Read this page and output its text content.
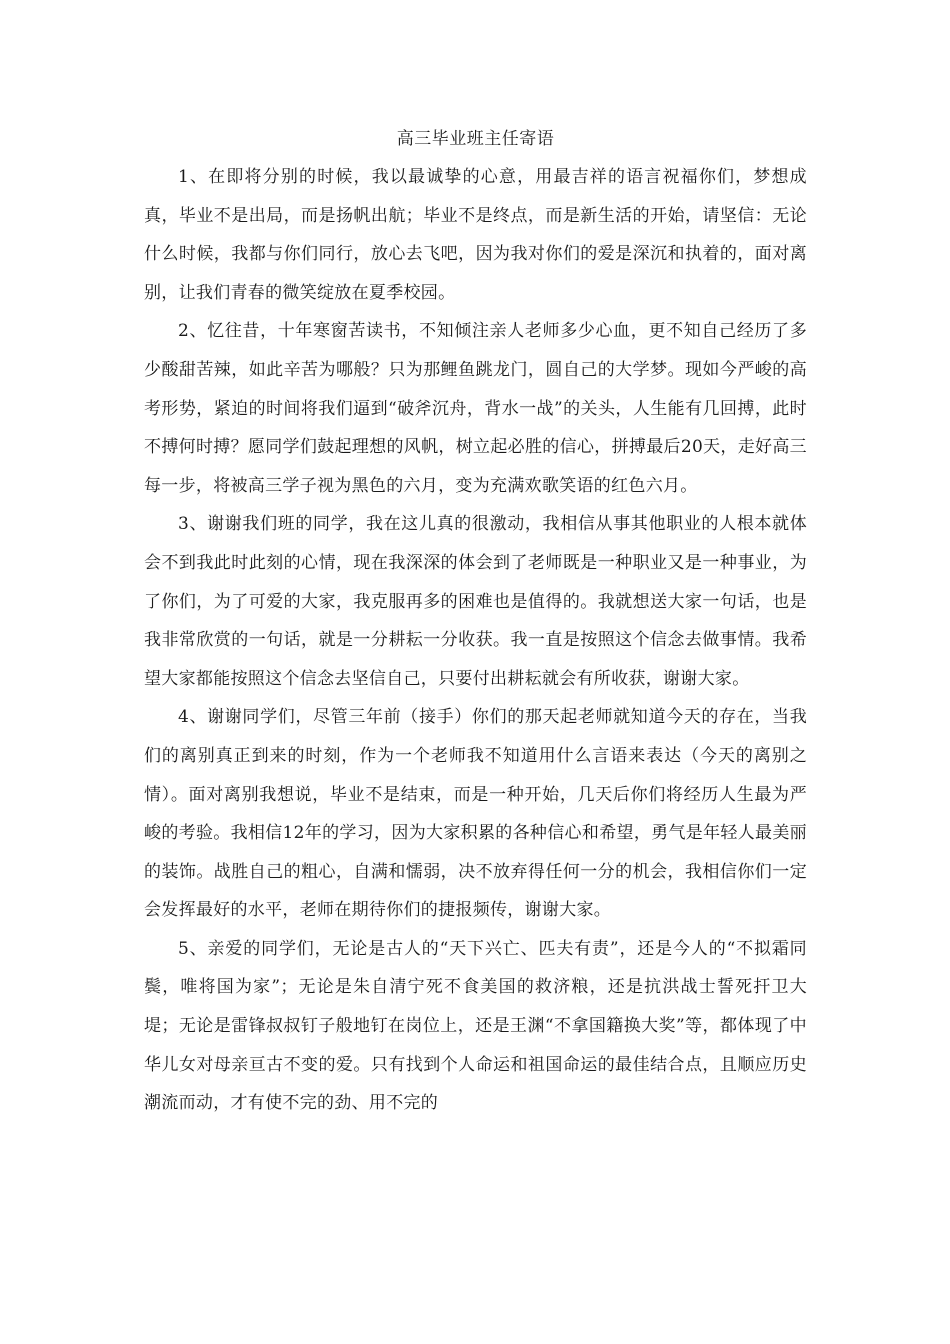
高三毕业班主任寄语

1、在即将分别的时候，我以最诚挚的心意，用最吉祥的语言祝福你们，梦想成真，毕业不是出局，而是扬帆出航；毕业不是终点，而是新生活的开始，请坚信：无论什么时候，我都与你们同行，放心去飞吧，因为我对你们的爱是深沉和执着的，面对离别，让我们青春的微笑绽放在夏季校园。

2、忆往昔，十年寒窗苦读书，不知倾注亲人老师多少心血，更不知自己经历了多少酸甜苦辣，如此辛苦为哪般？只为那鲤鱼跳龙门，圆自己的大学梦。现如今严峻的高考形势，紧迫的时间将我们逼到“破斧沉舟，背水一战”的关头，人生能有几回搏，此时不搏何时搏？愿同学们鼓起理想的风帆，树立起必胜的信心，拼搏最后20天，走好高三每一步，将被高三学子视为黑色的六月，变为充满欢歌笑语的红色六月。

3、谢谢我们班的同学，我在这儿真的很激动，我相信从事其他职业的人根本就体会不到我此时此刻的心情，现在我深深的体会到了老师既是一种职业又是一种事业，为了你们，为了可爱的大家，我克服再多的困难也是值得的。我就想送大家一句话，也是我非常欣赏的一句话，就是一分耕耘一分收获。我一直是按照这个信念去做事情。我希望大家都能按照这个信念去坚信自己，只要付出耕耘就会有所收获，谢谢大家。

4、谢谢同学们，尽管三年前（接手）你们的那天起老师就知道今天的存在，当我们的离别真正到来的时刻，作为一个老师我不知道用什么言语来表达（今天的离别之情）。面对离别我想说，毕业不是结束，而是一种开始，几天后你们将经历人生最为严峻的考验。我相信12年的学习，因为大家积累的各种信心和希望，勇气是年轻人最美丽的装饰。战胜自己的粗心，自满和懦弱，决不放弃得任何一分的机会，我相信你们一定会发挥最好的水平，老师在期待你们的捷报频传，谢谢大家。

5、亲爱的同学们，无论是古人的“天下兴亡、匹夫有责”，还是今人的“不拟霜同鬓，唯将国为家”；无论是朱自清宁死不食美国的救济粮，还是抗洪战士誓死扞卫大堤；无论是雷锋叔叔钉子般地钉在岗位上，还是王渊“不拿国籍换大奖”等，都体现了中华儿女对母亲亘古不变的爱。只有找到个人命运和祖国命运的最佳结合点，且顺应历史潮流而动，才有使不完的劲、用不完的
